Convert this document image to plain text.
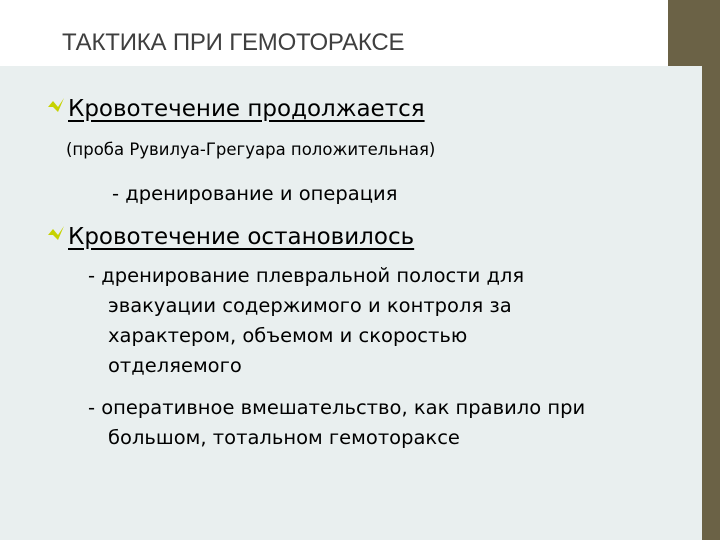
ТАКТИКА ПРИ ГЕМОТОРАКСЕ
Кровотечение продолжается
(проба Рувилуа-Грегуара положительная)
- дренирование и операция
Кровотечение остановилось
- дренирование плевральной полости для
эвакуации содержимого и контроля за
характером, объемом и скоростью
отделяемого
- оперативное вмешательство, как правило при
большом, тотальном гемотораксе
